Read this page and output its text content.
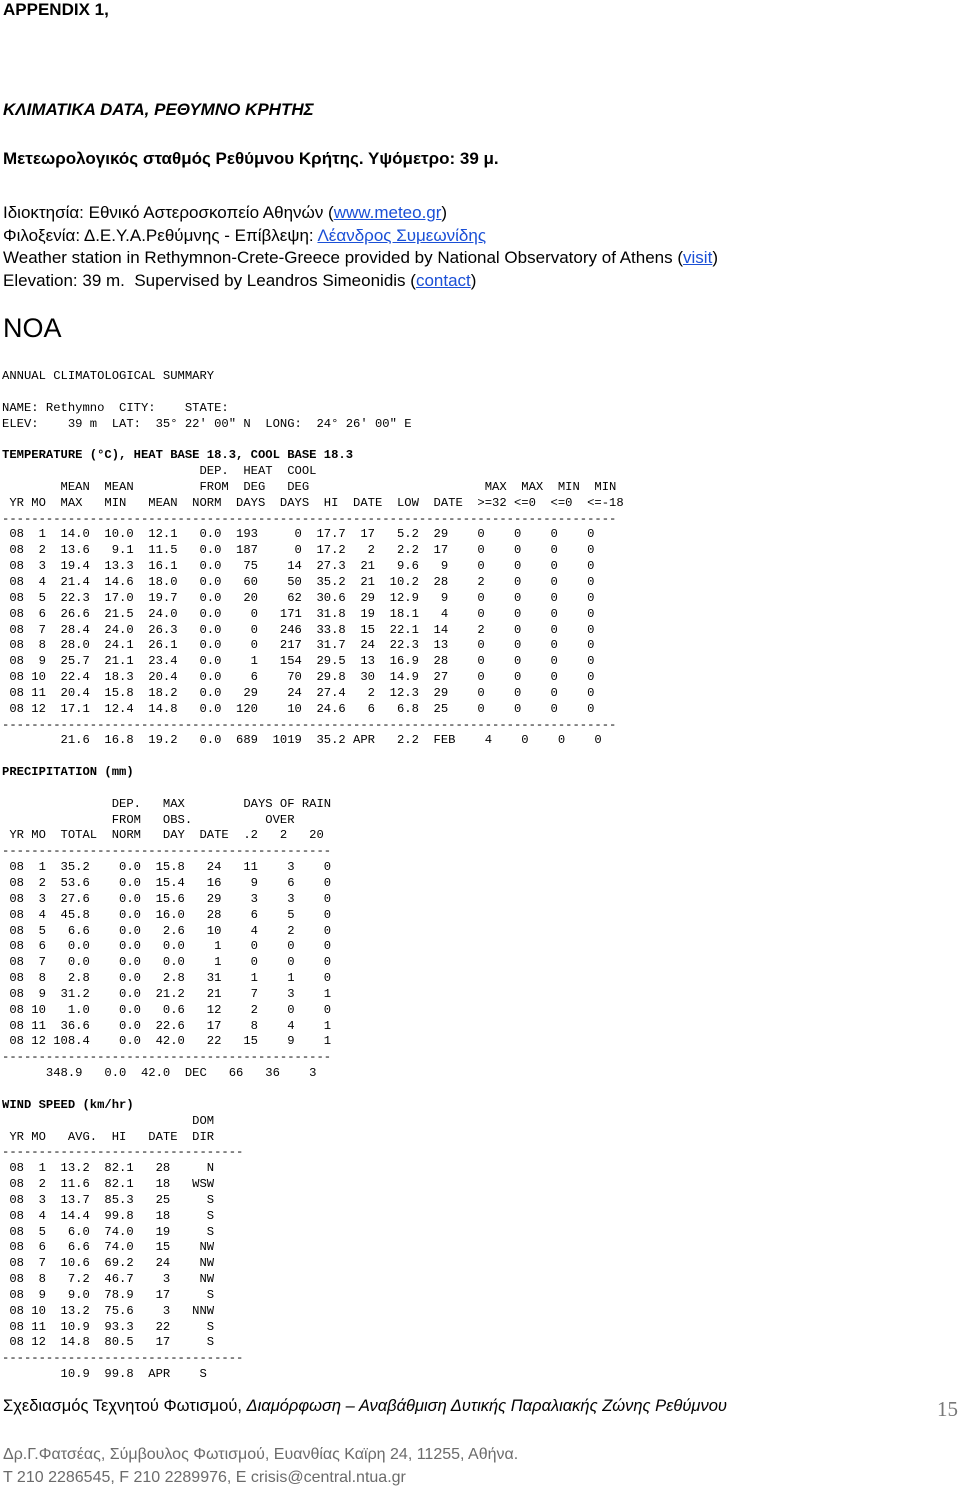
APPENDIX 1,
ΚΛΙΜΑΤΙΚΑ DATA, ΡΕΘΥΜΝΟ ΚΡΗΤΗΣ
Μετεωρολογικός σταθμός Ρεθύμνου Κρήτης. Υψόμετρο: 39 μ.
Ιδιοκτησία: Εθνικό Αστεροσκοπείο Αθηνών (www.meteo.gr)
Φιλοξενία: Δ.Ε.Υ.Α.Ρεθύμνης - Επίβλεψη: Λέανδρος Συμεωνίδης
Weather station in Rethymnon-Crete-Greece provided by National Observatory of Athens (visit)
Elevation: 39 m.  Supervised by Leandros Simeonidis (contact)
NOA
ANNUAL CLIMATOLOGICAL SUMMARY

NAME: Rethymno  CITY:    STATE:
ELEV:    39 m  LAT:  35° 22' 00" N  LONG:  24° 26' 00" E

TEMPERATURE (°C), HEAT BASE 18.3, COOL BASE 18.3
DEP.  HEAT  COOL
MEAN  MEAN         FROM  DEG   DEG                        MAX  MAX  MIN  MIN
YR MO  MAX   MIN   MEAN  NORM  DAYS  DAYS  HI  DATE  LOW  DATE  >=32 <=0  <=0  <=-18
------------------------------------------------------------------------------------
08  1  14.0  10.0  12.1   0.0  193     0  17.7  17   5.2  29    0    0    0    0
08  2  13.6   9.1  11.5   0.0  187     0  17.2   2   2.2  17    0    0    0    0
08  3  19.4  13.3  16.1   0.0   75    14  27.3  21   9.6   9    0    0    0    0
08  4  21.4  14.6  18.0   0.0   60    50  35.2  21  10.2  28    2    0    0    0
08  5  22.3  17.0  19.7   0.0   20    62  30.6  29  12.9   9    0    0    0    0
08  6  26.6  21.5  24.0   0.0    0   171  31.8  19  18.1   4    0    0    0    0
08  7  28.4  24.0  26.3   0.0    0   246  33.8  15  22.1  14    2    0    0    0
08  8  28.0  24.1  26.1   0.0    0   217  31.7  24  22.3  13    0    0    0    0
08  9  25.7  21.1  23.4   0.0    1   154  29.5  13  16.9  28    0    0    0    0
08 10  22.4  18.3  20.4   0.0    6    70  29.8  30  14.9  27    0    0    0    0
08 11  20.4  15.8  18.2   0.0   29    24  27.4   2  12.3  29    0    0    0    0
08 12  17.1  12.4  14.8   0.0  120    10  24.6   6   6.8  25    0    0    0    0
------------------------------------------------------------------------------------
21.6  16.8  19.2   0.0  689  1019  35.2 APR   2.2  FEB    4    0    0    0

PRECIPITATION (mm)

DEP.   MAX        DAYS OF RAIN
FROM   OBS.          OVER
YR MO  TOTAL  NORM   DAY  DATE  .2   2   20
---------------------------------------------
08  1  35.2    0.0  15.8   24   11    3    0
08  2  53.6    0.0  15.4   16    9    6    0
08  3  27.6    0.0  15.6   29    3    3    0
08  4  45.8    0.0  16.0   28    6    5    0
08  5   6.6    0.0   2.6   10    4    2    0
08  6   0.0    0.0   0.0    1    0    0    0
08  7   0.0    0.0   0.0    1    0    0    0
08  8   2.8    0.0   2.8   31    1    1    0
08  9  31.2    0.0  21.2   21    7    3    1
08 10   1.0    0.0   0.6   12    2    0    0
08 11  36.6    0.0  22.6   17    8    4    1
08 12 108.4    0.0  42.0   22   15    9    1
---------------------------------------------
348.9   0.0  42.0  DEC   66   36    3

WIND SPEED (km/hr)
DOM
YR MO   AVG.  HI   DATE  DIR
---------------------------------
08  1  13.2  82.1   28     N
08  2  11.6  82.1   18   WSW
08  3  13.7  85.3   25     S
08  4  14.4  99.8   18     S
08  5   6.0  74.0   19     S
08  6   6.6  74.0   15    NW
08  7  10.6  69.2   24    NW
08  8   7.2  46.7    3    NW
08  9   9.0  78.9   17     S
08 10  13.2  75.6    3   NNW
08 11  10.9  93.3   22     S
08 12  14.8  80.5   17     S
---------------------------------
10.9  99.8  APR    S
Σχεδιασμός Τεχνητού Φωτισμού, Διαμόρφωση – Αναβάθμιση Δυτικής Παραλιακής Ζώνης Ρεθύμνου	15
Δρ.Γ.Φατσέας, Σύμβουλος Φωτισμού, Ευανθίας Καϊρη 24, 11255, Αθήνα.
T 210 2286545, F 210 2289976, E crisis@central.ntua.gr
